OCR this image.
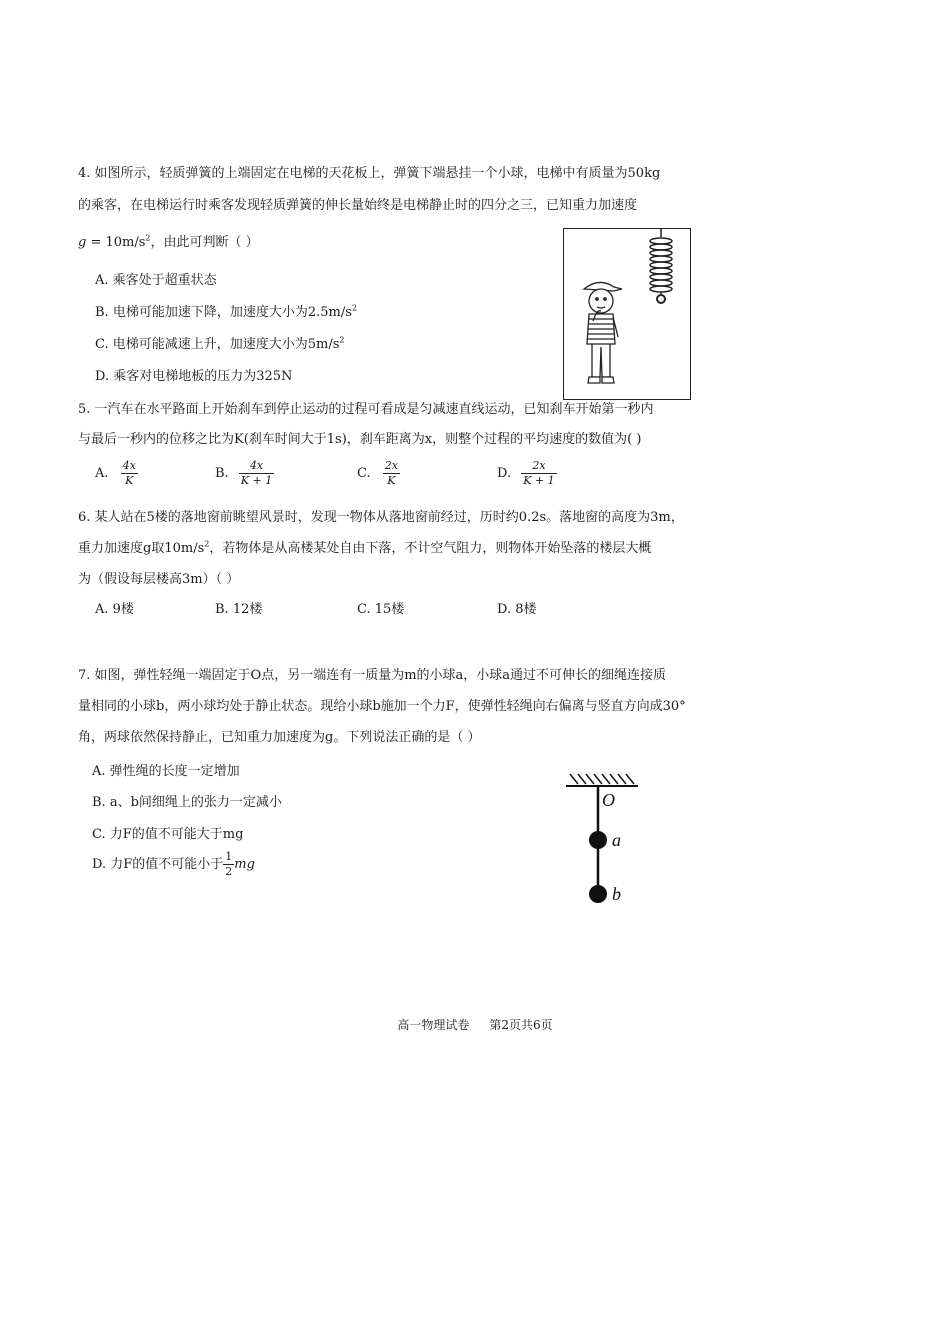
4. 如图所示，轻质弹簧的上端固定在电梯的天花板上，弹簧下端悬挂一个小球，电梯中有质量为50kg
的乘客，在电梯运行时乘客发现轻质弹簧的伸长量始终是电梯静止时的四分之三，已知重力加速度
$g = 10m/s^2$，由此可判断（ ）
A. 乘客处于超重状态
B. 电梯可能加速下降，加速度大小为$2.5m/s^2$
C. 电梯可能减速上升，加速度大小为$5m/s^2$
D. 乘客对电梯地板的压力为325N
5. 一汽车在水平路面上开始刹车到停止运动的过程可看成是匀减速直线运动，已知刹车开始第一秒内
与最后一秒内的位移之比为K(刹车时间大于1s)，刹车距离为x，则整个过程的平均速度的数值为( )
A. $\frac{4x}{K}$	B. $\frac{4x}{K + 1}$	C. $\frac{2x}{K}$	D. $\frac{2x}{K + 1}$
6. 某人站在5楼的落地窗前眺望风景时，发现一物体从落地窗前经过，历时约0.2s。落地窗的高度为3m，
重力加速度g取$10m/s^2$，若物体是从高楼某处自由下落，不计空气阻力，则物体开始坠落的楼层大概
为（假设每层楼高3m）（ ）
A. 9楼	B. 12楼	C. 15楼	D. 8楼
7. 如图，弹性轻绳一端固定于O点，另一端连有一质量为m的小球a，小球a通过不可伸长的细绳连接质
量相同的小球b，两小球均处于静止状态。现给小球b施加一个力F，使弹性轻绳向右偏离与竖直方向成30°
角，两球依然保持静止，已知重力加速度为g。下列说法正确的是（ ）
A. 弹性绳的长度一定增加
B. a、b间细绳上的张力一定减小
C. 力F的值不可能大于mg
D. 力F的值不可能小于 $\frac{1}{2}$ mg
O
a
b
高一物理试卷 第2页共6页
